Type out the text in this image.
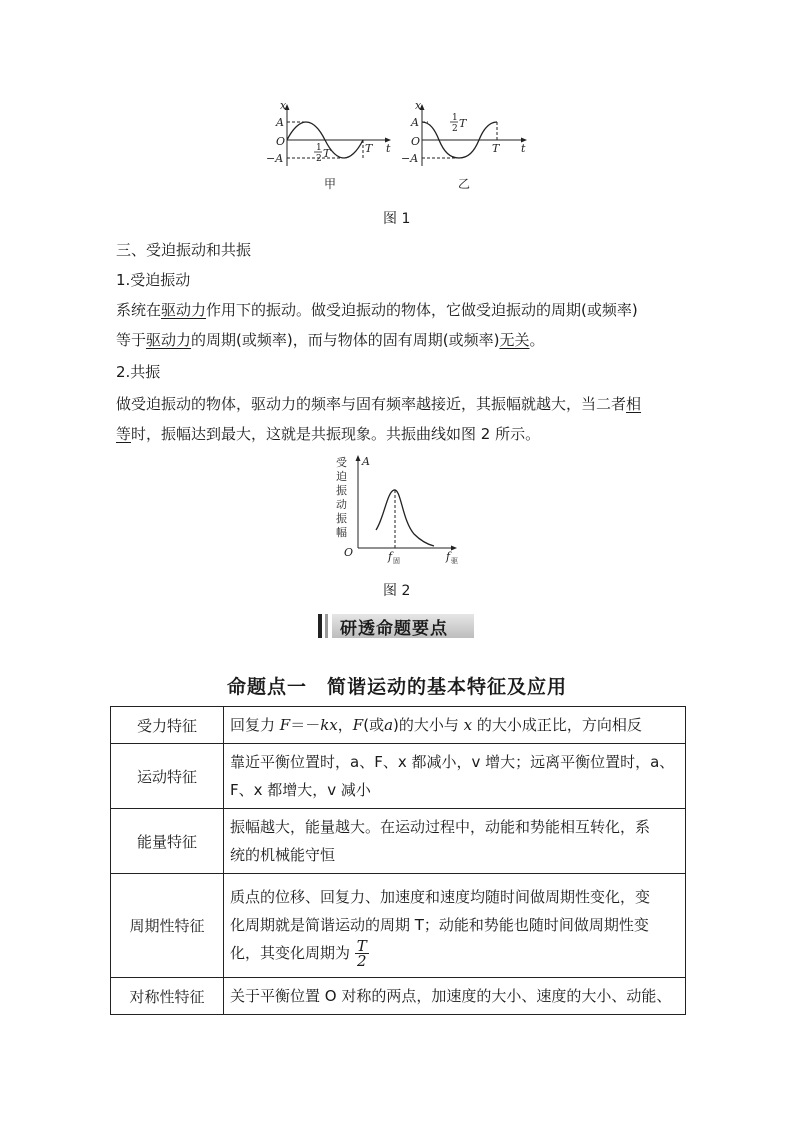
x
A
O
−A
t
1
2 T	T
甲
x
A
O
−A
t
1
2 T
T
乙
图 1
三、受迫振动和共振
1.受迫振动
系统在驱动力作用下的振动。做受迫振动的物体，它做受迫振动的周期(或频率)
等于驱动力的周期(或频率)，而与物体的固有周期(或频率)无关。
2.共振
做受迫振动的物体，驱动力的频率与固有频率越接近，其振幅就越大，当二者相
等时，振幅达到最大，这就是共振现象。共振曲线如图 2 所示。
受
迫
振
动
振
幅
A
O	f 固	f 驱
图 2
研透命题要点
命题点一　简谐运动的基本特征及应用
受力特征	回复力 F＝－kx，F(或a)的大小与 x 的大小成正比，方向相反
运动特征	靠近平衡位置时，a、F、x 都减小，v 增大；远离平衡位置时，a、
F、x 都增大，v 减小

能量特征	振幅越大，能量越大。在运动过程中，动能和势能相互转化，系
统的机械能守恒

周期性特征	质点的位移、回复力、加速度和速度均随时间做周期性变化，变
化周期就是简谐运动的周期 T；动能和势能也随时间做周期性变
化，其变化周期为 $\frac{T}{2}$

对称性特征	关于平衡位置 O 对称的两点，加速度的大小、速度的大小、动能、
